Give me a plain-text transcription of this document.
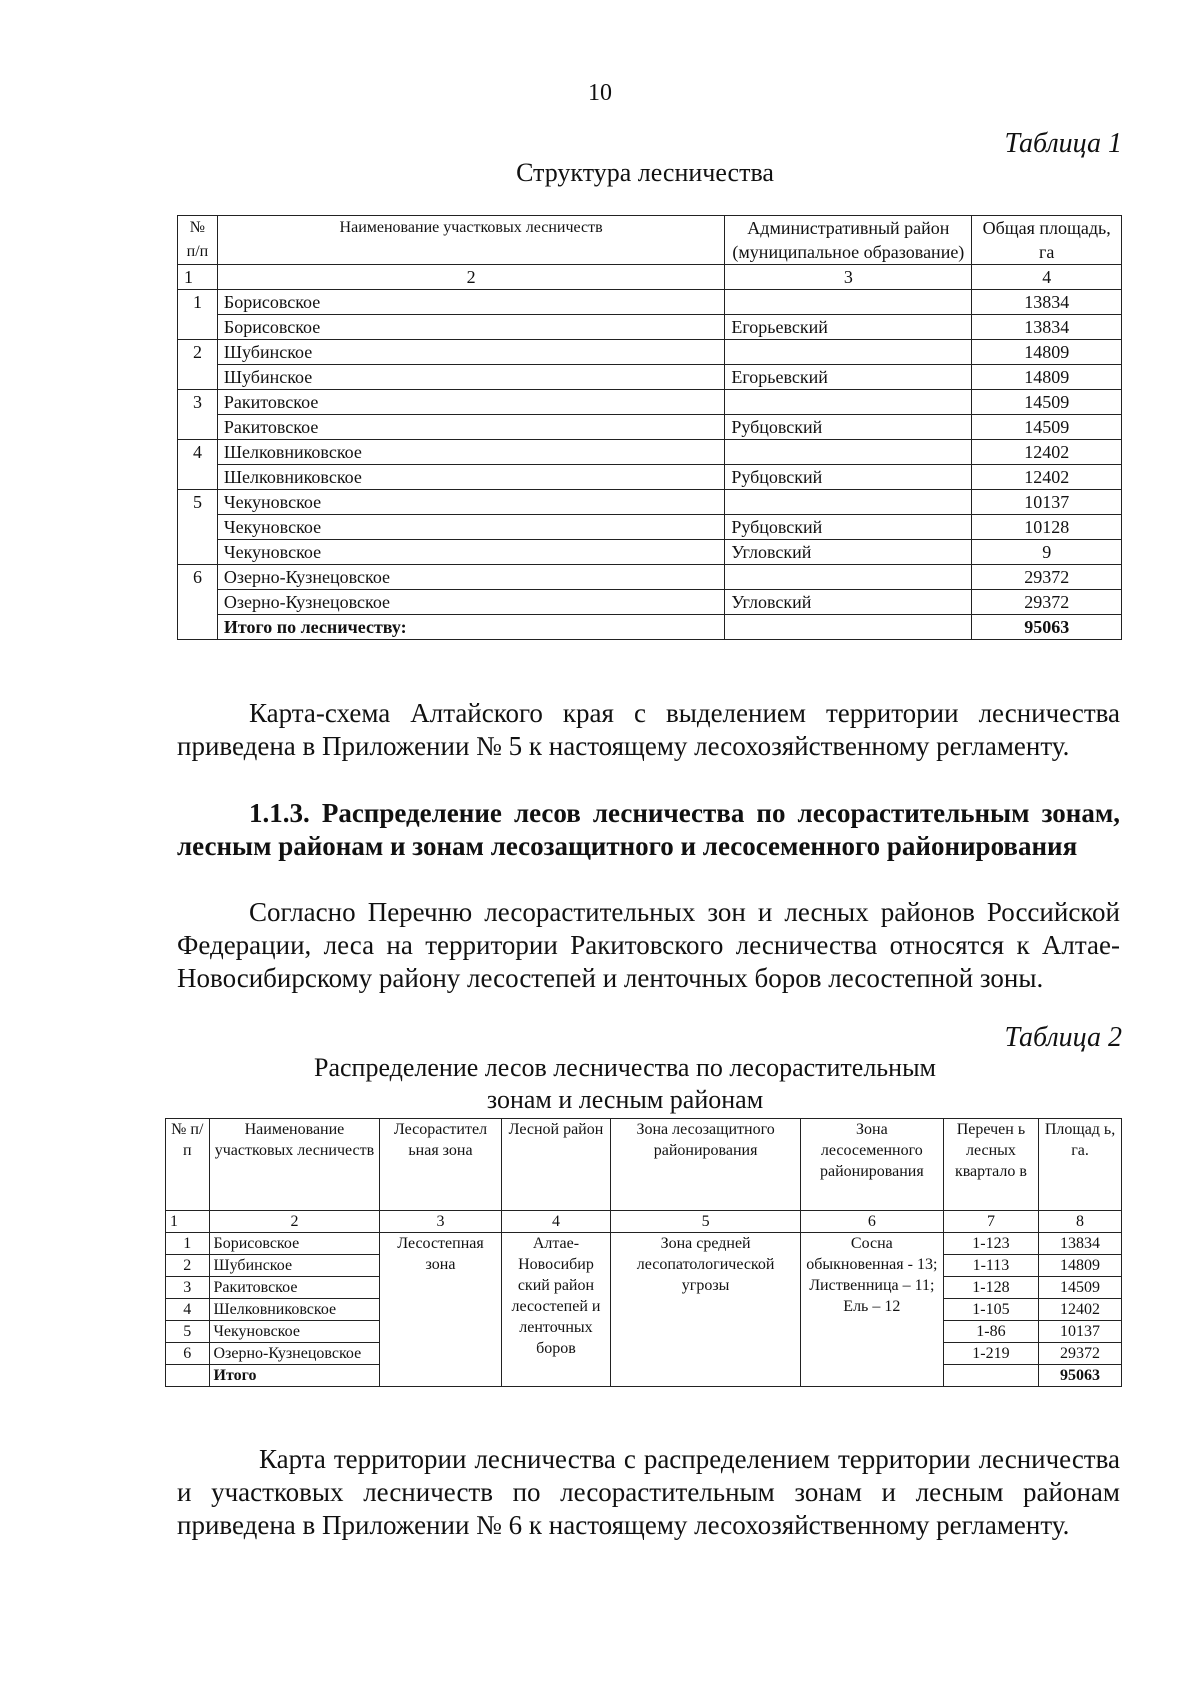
10
Таблица 1
Структура лесничества
№ п/п	Наименование участковых лесничеств	Административный район (муниципальное образование)	Общая площадь, га
1	2	3	4
1	Борисовское		13834
	Борисовское	Егорьевский	13834
2	Шубинское		14809
	Шубинское	Егорьевский	14809
3	Ракитовское		14509
	Ракитовское	Рубцовский	14509
4	Шелковниковское		12402
	Шелковниковское	Рубцовский	12402
5	Чекуновское		10137
	Чекуновское	Рубцовский	10128
	Чекуновское	Угловский	9
6	Озерно-Кузнецовское		29372
	Озерно-Кузнецовское	Угловский	29372
	Итого по лесничеству:		95063
Карта-схема Алтайского края с выделением территории лесничества приведена в Приложении № 5 к настоящему лесохозяйственному регламенту.
1.1.3. Распределение лесов лесничества по лесорастительным зонам, лесным районам и зонам лесозащитного и лесосеменного районирования
Согласно Перечню лесорастительных зон и лесных районов Российской Федерации, леса на территории Ракитовского лесничества относятся к Алтае-Новосибирскому району лесостепей и ленточных боров лесостепной зоны.
Таблица 2
Распределение лесов лесничества по лесорастительным
зонам и лесным районам
№ п/ п	Наименование участковых лесничеств	Лесорастител ьная зона	Лесной район	Зона лесозащитного районирования	Зона лесосеменного районирования	Перечен ь лесных квартало в	Площад ь, га.
1	2	3	4	5	6	7	8
1	Борисовское	Лесостепная зона	Алтае-Новосибир ский район лесостепей и ленточных боров	Зона средней лесопатологической угрозы	Сосна обыкновенная - 13; Лиственница – 11; Ель – 12	1-123	13834
2	Шубинское					1-113	14809
3	Ракитовское					1-128	14509
4	Шелковниковское					1-105	12402
5	Чекуновское					1-86	10137
6	Озерно-Кузнецовское					1-219	29372
	Итого						95063
Карта территории лесничества с распределением территории лесничества и участковых лесничеств по лесорастительным зонам и лесным районам приведена в Приложении № 6 к настоящему лесохозяйственному регламенту.
